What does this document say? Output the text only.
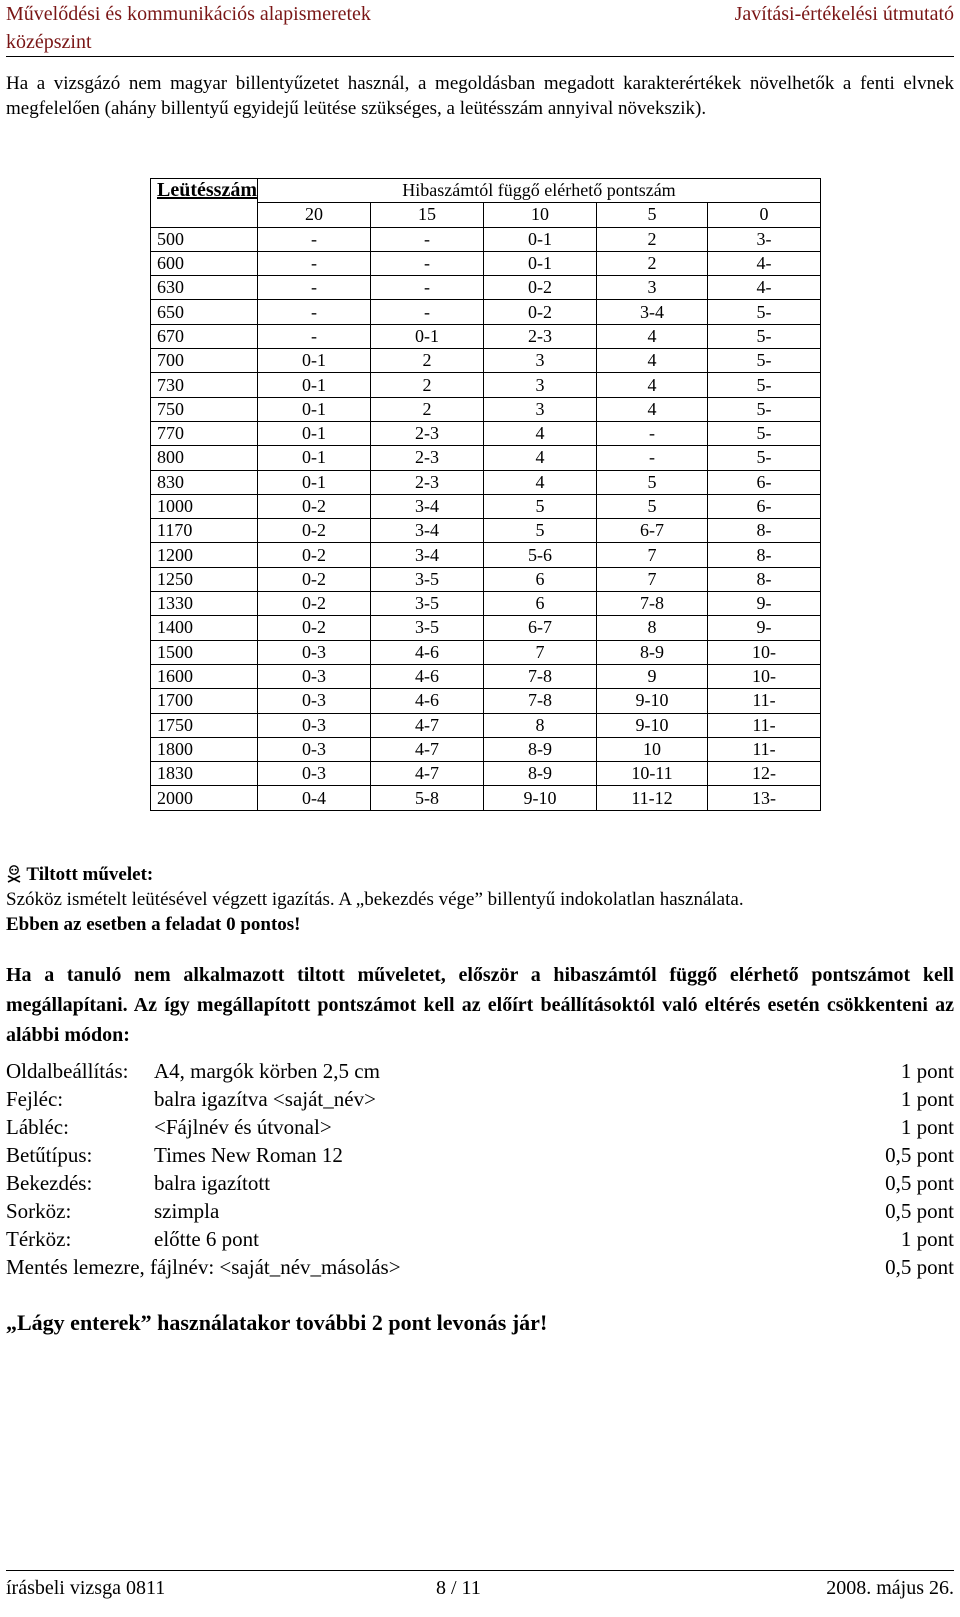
Művelődési és kommunikációs alapismeretek
középszint
Javítási-értékelési útmutató
Ha a vizsgázó nem magyar billentyűzetet használ, a megoldásban megadott karakterértékek növelhetők a fenti elvnek megfelelően (ahány billentyű egyidejű leütése szükséges, a leütésszám annyival növekszik).
Leütésszám	Hibaszámtól függő elérhető pontszám				
	20	15	10	5	0
500	-	-	0-1	2	3-
600	-	-	0-1	2	4-
630	-	-	0-2	3	4-
650	-	-	0-2	3-4	5-
670	-	0-1	2-3	4	5-
700	0-1	2	3	4	5-
730	0-1	2	3	4	5-
750	0-1	2	3	4	5-
770	0-1	2-3	4	-	5-
800	0-1	2-3	4	-	5-
830	0-1	2-3	4	5	6-
1000	0-2	3-4	5	5	6-
1170	0-2	3-4	5	6-7	8-
1200	0-2	3-4	5-6	7	8-
1250	0-2	3-5	6	7	8-
1330	0-2	3-5	6	7-8	9-
1400	0-2	3-5	6-7	8	9-
1500	0-3	4-6	7	8-9	10-
1600	0-3	4-6	7-8	9	10-
1700	0-3	4-6	7-8	9-10	11-
1750	0-3	4-7	8	9-10	11-
1800	0-3	4-7	8-9	10	11-
1830	0-3	4-7	8-9	10-11	12-
2000	0-4	5-8	9-10	11-12	13-
Tiltott művelet:
Szóköz ismételt leütésével végzett igazítás. A „bekezdés vége” billentyű indokolatlan használata.
Ebben az esetben a feladat 0 pontos!
Ha a tanuló nem alkalmazott tiltott műveletet, először a hibaszámtól függő elérhető pontszámot kell megállapítani. Az így megállapított pontszámot kell az előírt beállításoktól való eltérés esetén csökkenteni az alábbi módon:
Oldalbeállítás: A4, margók körben 2,5 cm	1 pont
Fejléc:	balra igazítva <saját_név>	1 pont
Lábléc:	<Fájlnév és útvonal>	1 pont
Betűtípus:	Times New Roman 12	0,5 pont
Bekezdés:	balra igazított	0,5 pont
Sorköz:	szimpla	0,5 pont
Térköz:	előtte 6 pont	1 pont
Mentés lemezre, fájlnév: <saját_név_másolás>	0,5 pont
„Lágy enterek” használatakor további 2 pont levonás jár!
írásbeli vizsga 0811	8 / 11	2008. május 26.
